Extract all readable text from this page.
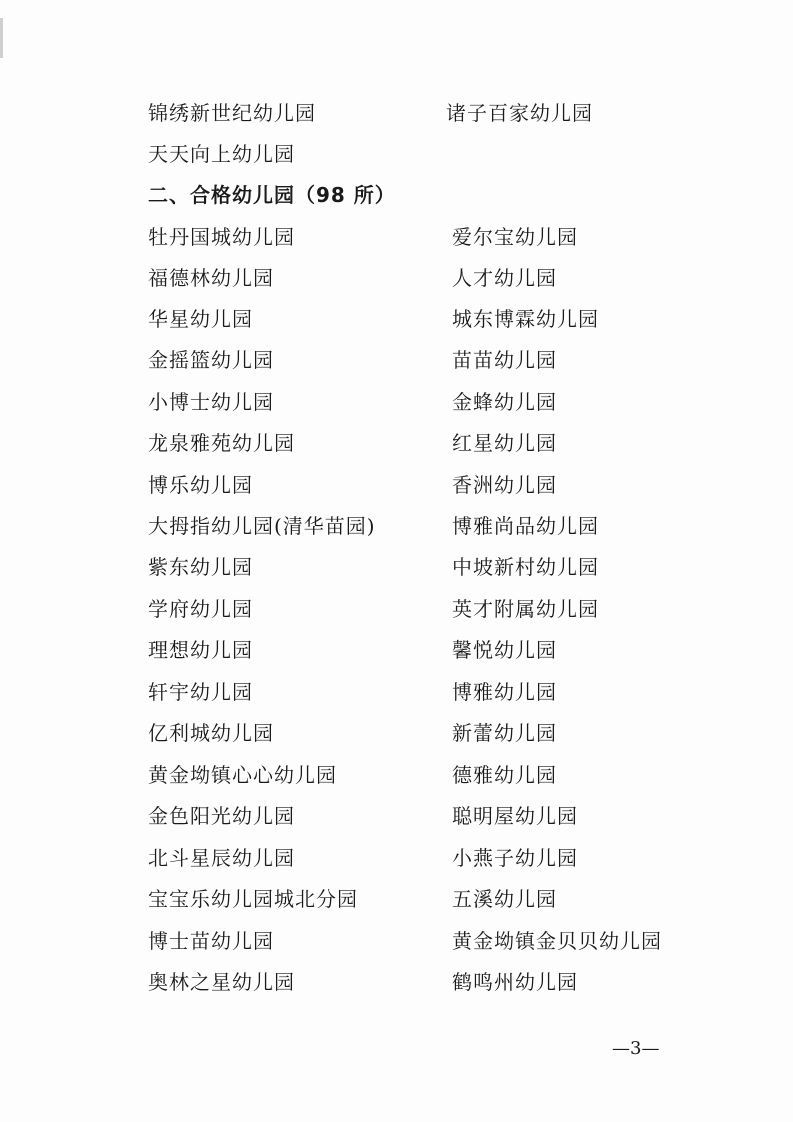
锦绣新世纪幼儿园	诸子百家幼儿园
天天向上幼儿园
二、合格幼儿园（98 所）
牡丹国城幼儿园	爱尔宝幼儿园
福德林幼儿园	人才幼儿园
华星幼儿园	城东博霖幼儿园
金摇篮幼儿园	苗苗幼儿园
小博士幼儿园	金蜂幼儿园
龙泉雅苑幼儿园	红星幼儿园
博乐幼儿园	香洲幼儿园
大拇指幼儿园(清华苗园)	博雅尚品幼儿园
紫东幼儿园	中坡新村幼儿园
学府幼儿园	英才附属幼儿园
理想幼儿园	馨悦幼儿园
轩宇幼儿园	博雅幼儿园
亿利城幼儿园	新蕾幼儿园
黄金坳镇心心幼儿园	德雅幼儿园
金色阳光幼儿园	聪明屋幼儿园
北斗星辰幼儿园	小燕子幼儿园
宝宝乐幼儿园城北分园	五溪幼儿园
博士苗幼儿园	黄金坳镇金贝贝幼儿园
奥林之星幼儿园	鹤鸣州幼儿园
—3—
